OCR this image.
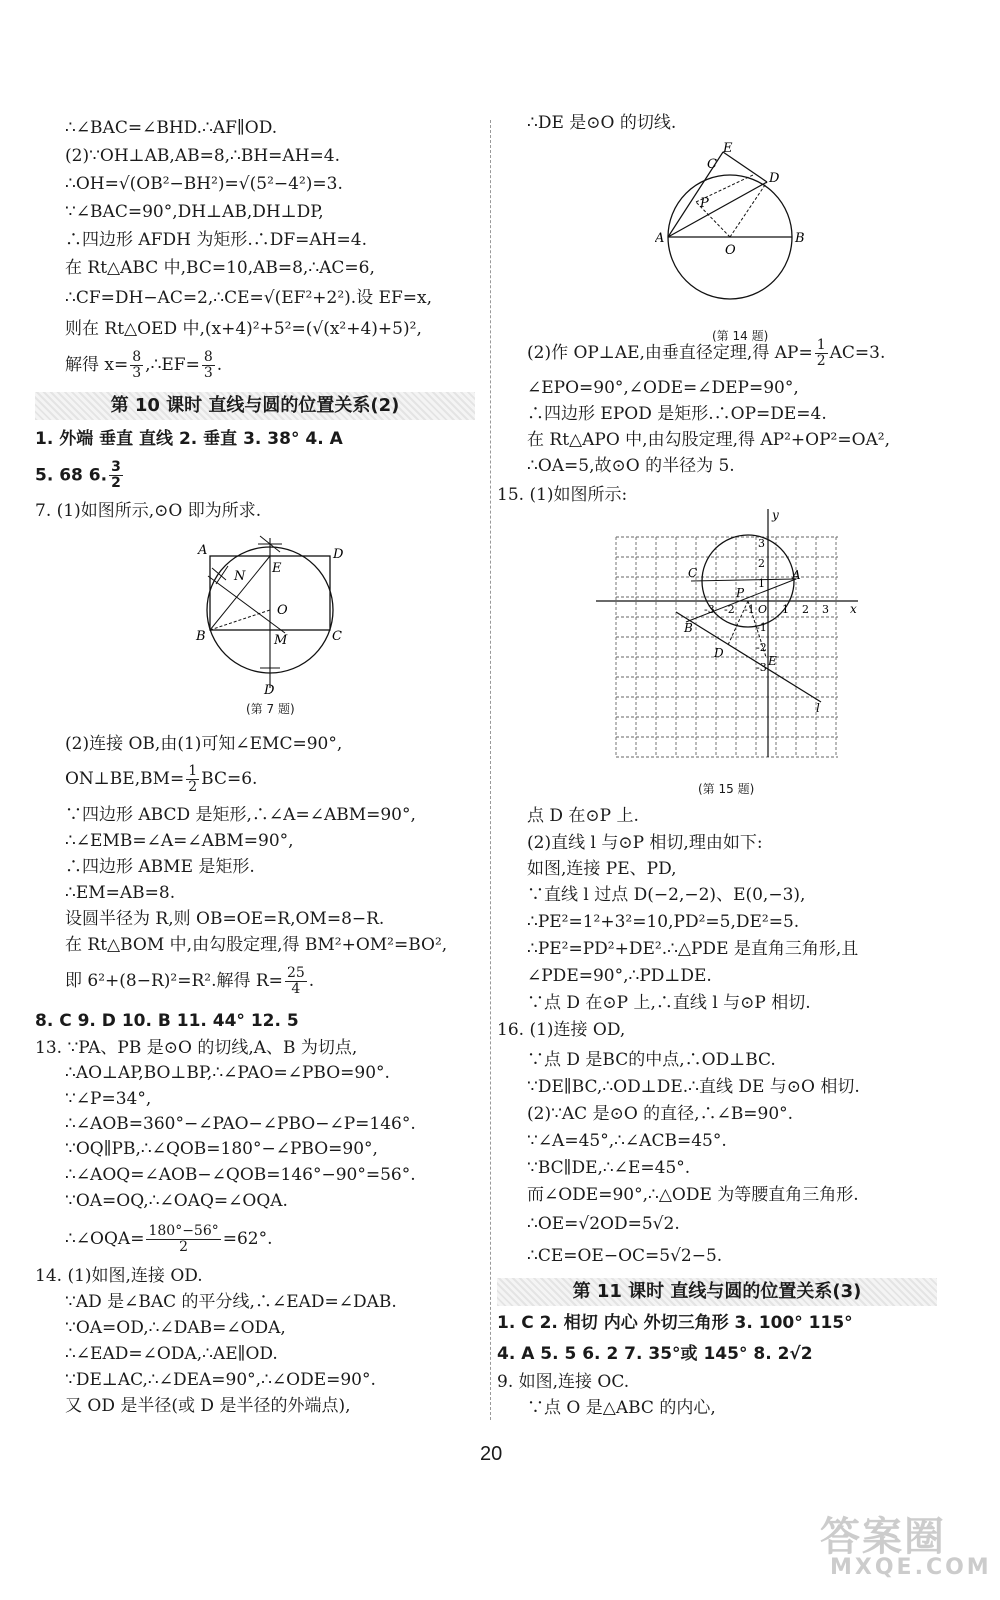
∴∠BAC=∠BHD.∴AF∥OD.
(2)∵OH⊥AB,AB=8,∴BH=AH=4.
∴OH=√(OB²−BH²)=√(5²−4²)=3.
∵∠BAC=90°,DH⊥AB,DH⊥DP,
∴四边形 AFDH 为矩形.∴DF=AH=4.
在 Rt△ABC 中,BC=10,AB=8,∴AC=6,
∴CF=DH−AC=2,∴CE=√(EF²+2²).设 EF=x,
则在 Rt△OED 中,(x+4)²+5²=(√(x²+4)+5)²,
解得 $x= \frac{8}{3}$ ,∴EF= $\frac{8}{3}$ .
第 10 课时 直线与圆的位置关系(2)
1. 外端 垂直 直线 2. 垂直 3. 38° 4. A
5. 68 6. $\frac{3}{2}$
7. (1)如图所示,⊙O 即为所求.
A	D
N
E
O
B	M	C
D
(第 7 题)
(2)连接 OB,由(1)可知∠EMC=90°,
ON⊥BE,BM= $\frac{1}{2} BC=6$.
∵四边形 ABCD 是矩形,∴∠A=∠ABM=90°,
∴∠EMB=∠A=∠ABM=90°,
∴四边形 ABME 是矩形.
∴EM=AB=8.
设圆半径为 R,则 OB=OE=R,OM=8−R.
在 Rt△BOM 中,由勾股定理,得 BM²+OM²=BO²,
即 6²+(8−R)²=R².解得 $R= \frac{25}{4}$ .
8. C 9. D 10. B 11. 44° 12. 5
13. ∵PA、PB 是⊙O 的切线,A、B 为切点,
∴AO⊥AP,BO⊥BP,∴∠PAO=∠PBO=90°.
∵∠P=34°,
∴∠AOB=360°−∠PAO−∠PBO−∠P=146°.
∵OQ∥PB,∴∠QOB=180°−∠PBO=90°,
∴∠AOQ=∠AOB−∠QOB=146°−90°=56°.
∵OA=OQ,∴∠OAQ=∠OQA.
∴∠OQA= $\frac{180^\circ-56^\circ}{2} =62^\circ$.
14. (1)如图,连接 OD.
∵AD 是∠BAC 的平分线,∴∠EAD=∠DAB.
∵OA=OD,∴∠DAB=∠ODA,
∴∠EAD=∠ODA,∴AE∥OD.
∵DE⊥AC,∴∠DEA=90°,∴∠ODE=90°.
又 OD 是半径(或 D 是半径的外端点),
∴DE 是⊙O 的切线.
E
C
D
P
A
O
B
(第 14 题)
(2)作 OP⊥AE,由垂直径定理,得 $AP= \frac{1}{2} AC=3$.
∠EPO=90°,∠ODE=∠DEP=90°,
∴四边形 EPOD 是矩形.∴OP=DE=4.
在 Rt△APO 中,由勾股定理,得 AP²+OP²=OA²,
∴OA=5,故⊙O 的半径为 5.
15. (1)如图所示:
y
x
C	A
P
B
D
E
l
3
2
1
-3 -2 -1 O 1 2 3
-1
-2
-3
(第 15 题)
点 D 在⊙P 上.
(2)直线 l 与⊙P 相切,理由如下:
如图,连接 PE、PD,
∵直线 l 过点 D(−2,−2)、E(0,−3),
∴PE²=1²+3²=10,PD²=5,DE²=5.
∴PE²=PD²+DE².∴△PDE 是直角三角形,且
∠PDE=90°,∴PD⊥DE.
∵点 D 在⊙P 上,∴直线 l 与⊙P 相切.
16. (1)连接 OD,
∵点 D 是BC的中点,∴OD⊥BC.
∵DE∥BC,∴OD⊥DE.∴直线 DE 与⊙O 相切.
(2)∵AC 是⊙O 的直径,∴∠B=90°.
∵∠A=45°,∴∠ACB=45°.
∵BC∥DE,∴∠E=45°.
而∠ODE=90°,∴△ODE 为等腰直角三角形.
∴OE=√2OD=5√2.
∴CE=OE−OC=5√2−5.
第 11 课时 直线与圆的位置关系(3)
1. C 2. 相切 内心 外切三角形 3. 100° 115°
4. A 5. 5 6. 2 7. 35°或 145° 8. 2√2
9. 如图,连接 OC.
∵点 O 是△ABC 的内心,
20
答案圈
MXQE.COM
